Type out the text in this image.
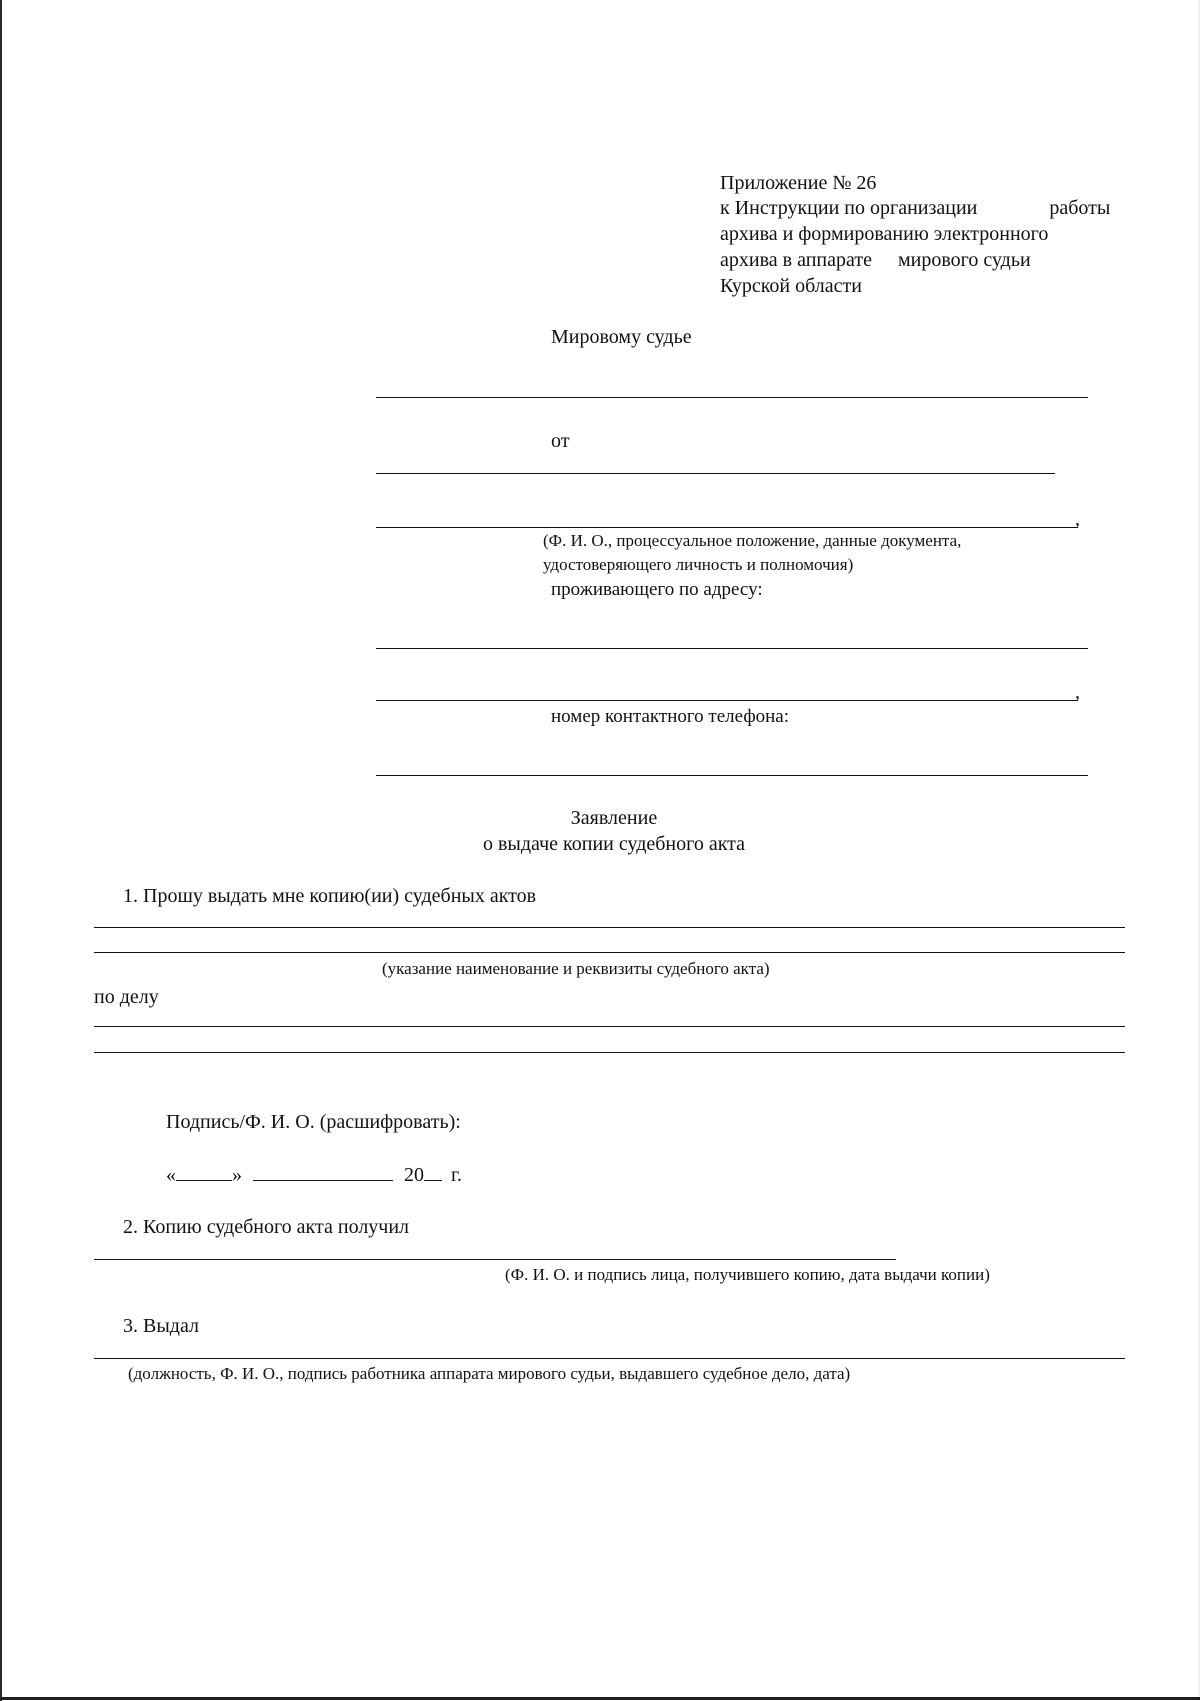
Приложение № 26
к Инструкции по организации	работы
архива и формированию электронного
архива в аппарате мирового судьи
Курской области
Мировому судье
от
,
(Ф. И. О., процессуальное положение, данные документа,
удостоверяющего личность и полномочия)
проживающего по адресу:
,
номер контактного телефона:
Заявление
о выдаче копии судебного акта
1. Прошу выдать мне копию(ии) судебных актов
(указание наименование и реквизиты судебного акта)
по делу
Подпись/Ф. И. О. (расшифровать):
«	»	20 г.
2. Копию судебного акта получил
(Ф. И. О. и подпись лица, получившего копию, дата выдачи копии)
3. Выдал
(должность, Ф. И. О., подпись работника аппарата мирового судьи, выдавшего судебное дело, дата)
